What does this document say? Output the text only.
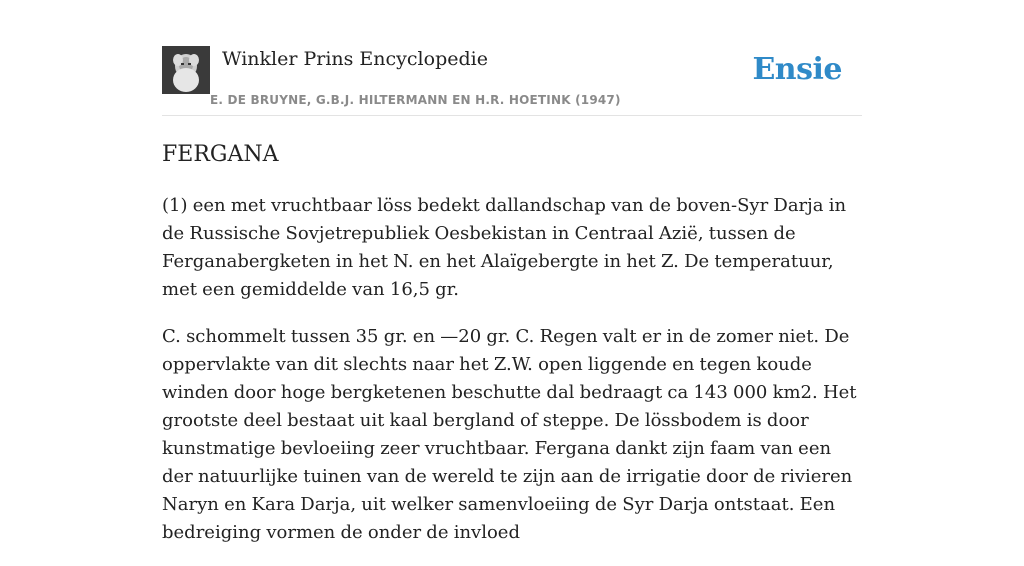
Winkler Prins Encyclopedie
E. DE BRUYNE, G.B.J. HILTERMANN EN H.R. HOETINK (1947)
Ensie
FERGANA

(1) een met vruchtbaar löss bedekt dallandschap van de boven-Syr Darja in de Russische Sovjetrepubliek Oesbekistan in Centraal Azië, tussen de Ferganabergketen in het N. en het Alaïgebergte in het Z. De temperatuur, met een gemiddelde van 16,5 gr.

C. schommelt tussen 35 gr. en —20 gr. C. Regen valt er in de zomer niet. De oppervlakte van dit slechts naar het Z.W. open liggende en tegen koude winden door hoge bergketenen beschutte dal bedraagt ca 143 000 km2. Het grootste deel bestaat uit kaal bergland of steppe. De lössbodem is door kunstmatige bevloeiing zeer vruchtbaar. Fergana dankt zijn faam van een der natuurlijke tuinen van de wereld te zijn aan de irrigatie door de rivieren Naryn en Kara Darja, uit welker samenvloeiing de Syr Darja ontstaat. Een bedreiging vormen de onder de invloed
